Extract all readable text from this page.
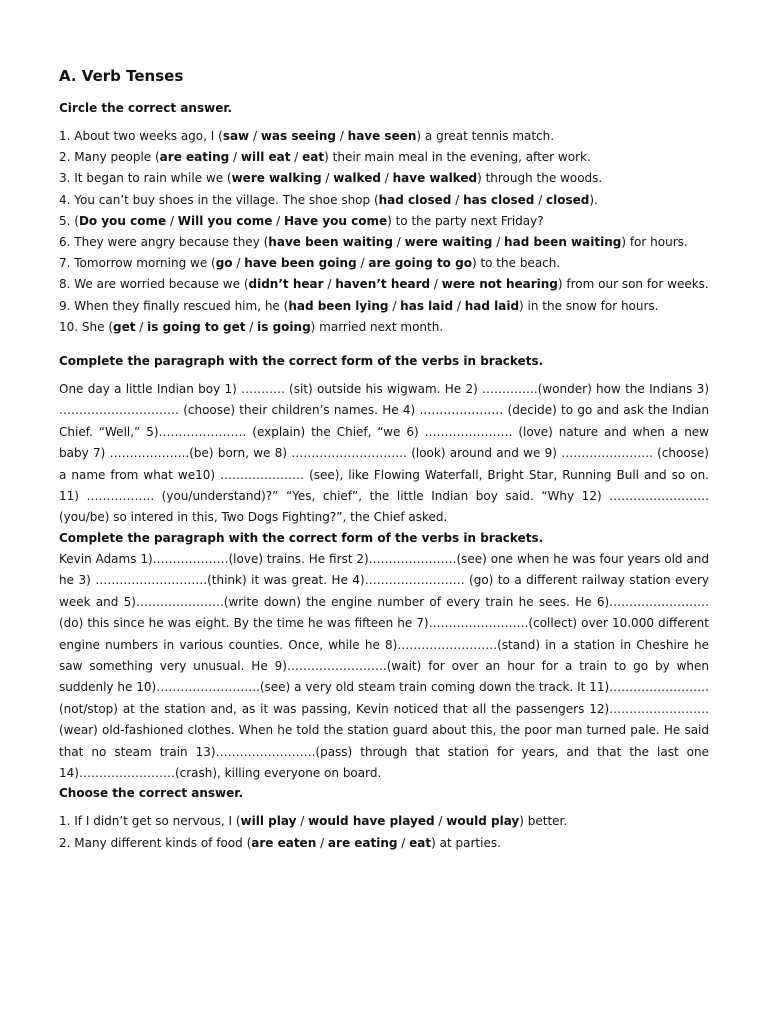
A. Verb Tenses

Circle the correct answer.

1. About two weeks ago, I (saw / was seeing / have seen) a great tennis match.

2. Many people (are eating / will eat / eat) their main meal in the evening, after work.

3. It began to rain while we (were walking / walked / have walked) through the woods.

4. You can’t buy shoes in the village. The shoe shop (had closed / has closed / closed).

5. (Do you come / Will you come / Have you come) to the party next Friday?

6. They were angry because they (have been waiting / were waiting / had been waiting) for hours.

7. Tomorrow morning we (go / have been going / are going to go) to the beach.

8. We are worried because we (didn’t hear / haven’t heard / were not hearing) from our son for weeks.

9. When they finally rescued him, he (had been lying / has laid / had laid) in the snow for hours.

10. She (get / is going to get / is going) married next month.

Complete the paragraph with the correct form of the verbs in brackets.

One day a little Indian boy 1) ……….. (sit) outside his wigwam. He 2) …………..(wonder) how the Indians 3) ………………………… (choose) their children’s names. He 4) ………………… (decide) to go and ask the Indian Chief. “Well,” 5)…………………. (explain) the Chief, “we 6) …………………. (love) nature and when a new baby 7) ………………..(be) born, we 8) ……………………….. (look) around and we 9) ………………….. (choose) a name from what we10) ………………… (see), like Flowing Waterfall, Bright Star, Running Bull and so on. 11) …………….. (you/understand)?” “Yes, chief”, the little Indian boy said. “Why 12) ……………………. (you/be) so intered in this, Two Dogs Fighting?”, the Chief asked.

Complete the paragraph with the correct form of the verbs in brackets.

Kevin Adams 1)……………….(love) trains. He first 2)………………….(see) one when he was four years old and he 3) ……………………….(think) it was great. He 4)……………………. (go) to a different railway station every week and 5)………………….(write down) the engine number of every train he sees. He 6)…………………….(do) this since he was eight. By the time he was fifteen he 7)…………………….(collect) over 10.000 different engine numbers in various counties. Once, while he 8)…………………….(stand) in a station in Cheshire he saw something very unusual. He 9)…………………….(wait) for over an hour for a train to go by when suddenly he 10)……………………..(see) a very old steam train coming down the track. It 11)……………………. (not/stop) at the station and, as it was passing, Kevin noticed that all the passengers 12)…………………….(wear) old-fashioned clothes. When he told the station guard about this, the poor man turned pale. He said that no steam train 13)…………………….(pass) through that station for years, and that the last one 14)……………………(crash), killing everyone on board.

Choose the correct answer.

1. If I didn’t get so nervous, I (will play / would have played / would play) better.

2. Many different kinds of food (are eaten / are eating / eat) at parties.
